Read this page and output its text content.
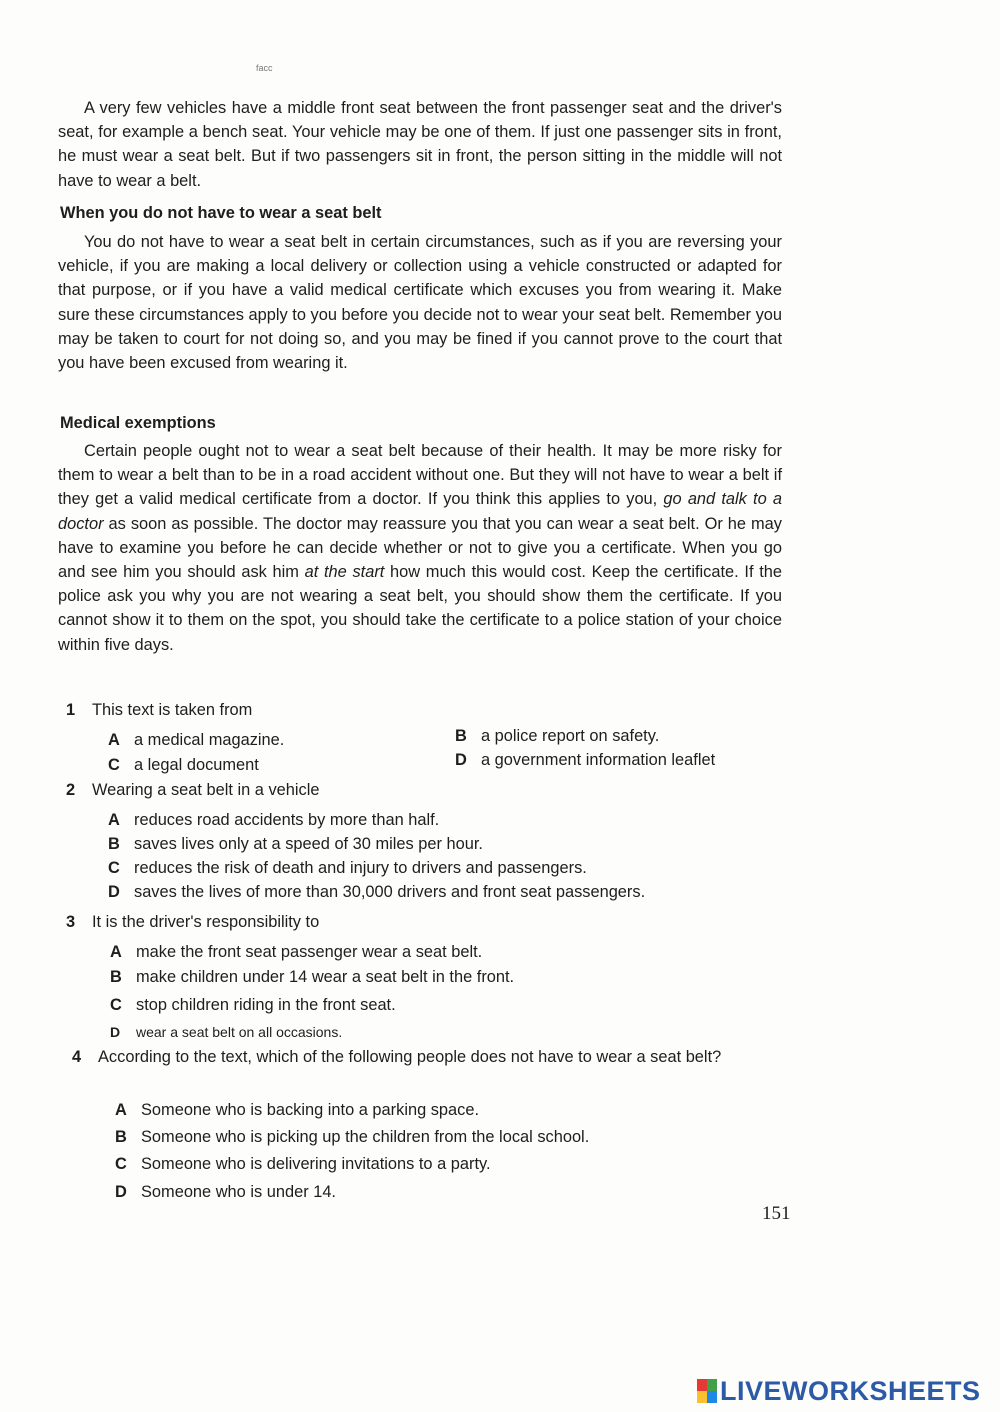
facc

A very few vehicles have a middle front seat between the front passenger seat and the driver's seat, for example a bench seat. Your vehicle may be one of them. If just one passenger sits in front, he must wear a seat belt. But if two passengers sit in front, the person sitting in the middle will not have to wear a belt.

When you do not have to wear a seat belt

You do not have to wear a seat belt in certain circumstances, such as if you are reversing your vehicle, if you are making a local delivery or collection using a vehicle constructed or adapted for that purpose, or if you have a valid medical certificate which excuses you from wearing it. Make sure these circumstances apply to you before you decide not to wear your seat belt. Remember you may be taken to court for not doing so, and you may be fined if you cannot prove to the court that you have been excused from wearing it.

Medical exemptions

Certain people ought not to wear a seat belt because of their health. It may be more risky for them to wear a belt than to be in a road accident without one. But they will not have to wear a belt if they get a valid medical certificate from a doctor. If you think this applies to you, go and talk to a doctor as soon as possible. The doctor may reassure you that you can wear a seat belt. Or he may have to examine you before he can decide whether or not to give you a certificate. When you go and see him you should ask him at the start how much this would cost. Keep the certificate. If the police ask you why you are not wearing a seat belt, you should show them the certificate. If you cannot show it to them on the spot, you should take the certificate to a police station of your choice within five days.

1 This text is taken from
A a medical magazine.	B a police report on safety.
C a legal document	D a government information leaflet
2 Wearing a seat belt in a vehicle
A reduces road accidents by more than half.
B saves lives only at a speed of 30 miles per hour.
C reduces the risk of death and injury to drivers and passengers.
D saves the lives of more than 30,000 drivers and front seat passengers.
3 It is the driver's responsibility to
A make the front seat passenger wear a seat belt.
B make children under 14 wear a seat belt in the front.
C stop children riding in the front seat.
D wear a seat belt on all occasions.
4 According to the text, which of the following people does not have to wear a seat belt?
A Someone who is backing into a parking space.
B Someone who is picking up the children from the local school.
C Someone who is delivering invitations to a party.
D Someone who is under 14.
151
LIVEWORKSHEETS
